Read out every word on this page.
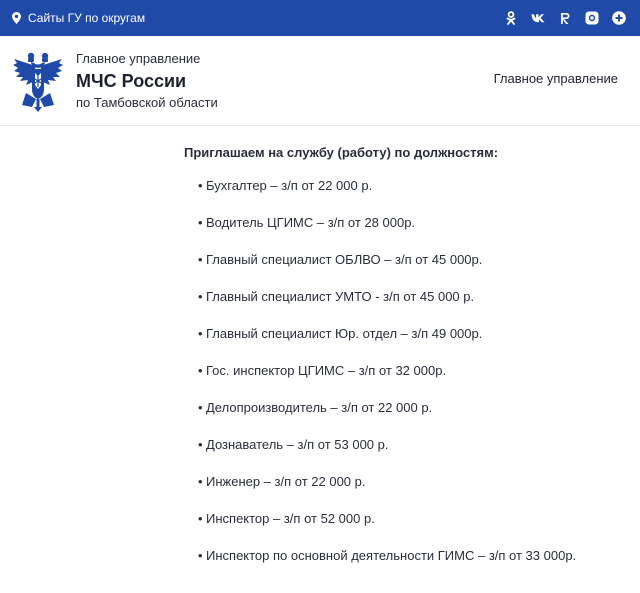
Сайты ГУ по округам
Главное управление
МЧС России
по Тамбовской области
Главное управление

Приглашаем на службу (работу) по должностям:

• Бухгалтер – з/п от 22 000 р.
• Водитель ЦГИМС – з/п от 28 000р.
• Главный специалист ОБЛВО – з/п от 45 000р.
• Главный специалист УМТО - з/п от 45 000 р.
• Главный специалист Юр. отдел – з/п 49 000р.
• Гос. инспектор ЦГИМС – з/п от 32 000р.
• Делопроизводитель – з/п от 22 000 р.
• Дознаватель – з/п от 53 000 р.
• Инженер – з/п от 22 000 р.
• Инспектор – з/п от 52 000 р.
• Инспектор по основной деятельности ГИМС – з/п от 33 000р.
